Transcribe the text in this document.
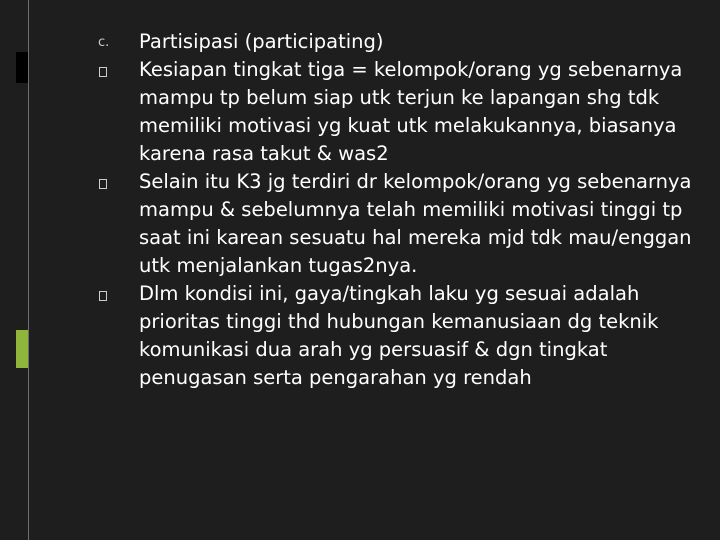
c. Partisipasi (participating)
Kesiapan tingkat tiga = kelompok/orang yg sebenarnya mampu tp belum siap utk terjun ke lapangan shg tdk memiliki motivasi yg kuat utk melakukannya, biasanya karena rasa takut & was2
Selain itu K3 jg terdiri dr kelompok/orang yg sebenarnya mampu & sebelumnya telah memiliki motivasi tinggi tp saat ini karean sesuatu hal mereka mjd tdk mau/enggan utk menjalankan tugas2nya.
Dlm kondisi ini, gaya/tingkah laku yg sesuai adalah prioritas tinggi thd hubungan kemanusiaan dg teknik komunikasi dua arah yg persuasif & dgn tingkat penugasan serta pengarahan yg rendah
